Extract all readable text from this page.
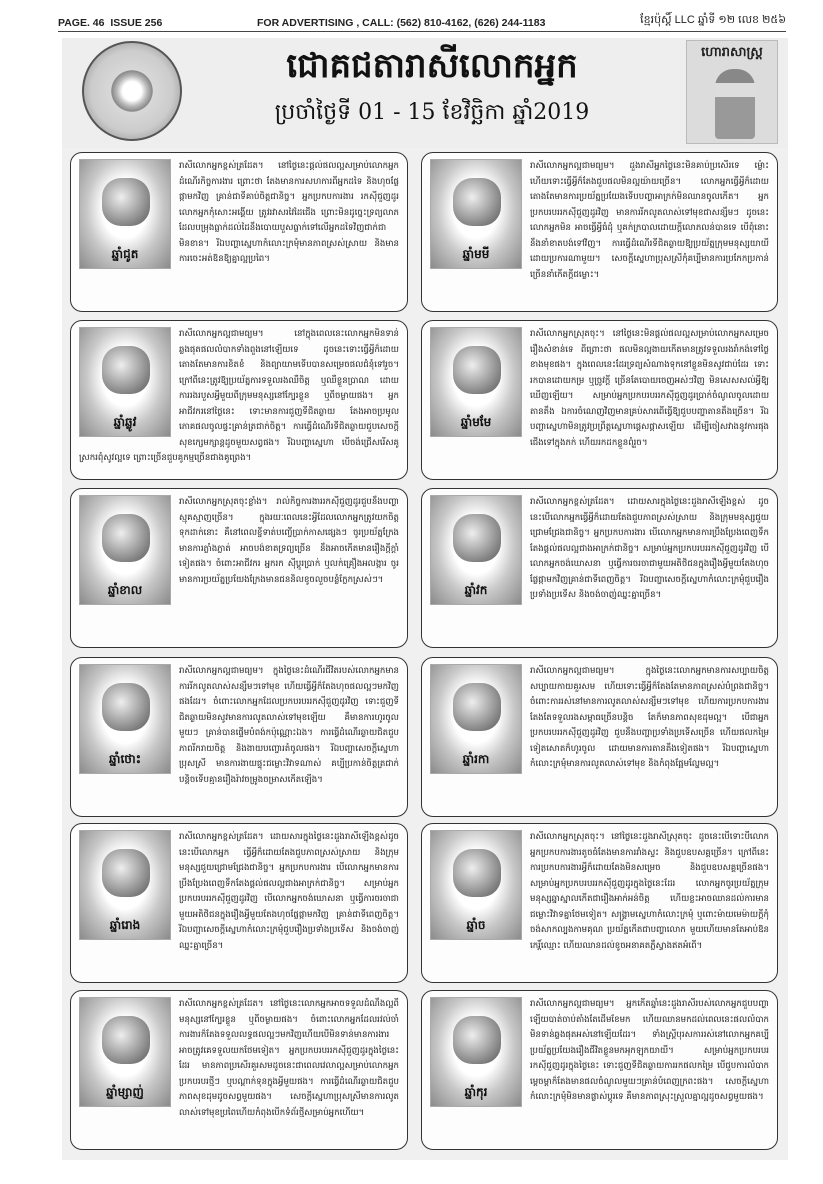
PAGE. 46 ISSUE 256	FOR ADVERTISING , CALL: (562) 810-4162, (626) 244-1183	ខ្មែរប៉ុស្តិ៍ LLC ឆ្នាំទី ១២ លេខ ២៥៦
ជោគជតារាសីលោកអ្នក
ប្រចាំថ្ងៃទី 01 - 15 ខែវិច្ឆិកា ឆ្នាំ2019
ហោរាសាស្ត្រ
ឆ្នាំជូត
រាសីលោកអ្នកខ្ពស់ត្រដែត។ នៅថ្ងៃនេះផ្ដល់ផលល្អសម្រាប់លោកអ្នកដំណើរកិច្ចការងារ ព្រោះថា តែងមានការសហការពីអ្នកដទៃ និងហុចផ្លែផ្កាមកវិញ គ្រាន់ជាទីគាប់ចិត្តជានិច្ច។ អ្នកប្រកបការងារ រកស៊ីជួញដូរ លោកអ្នកកុំសោះអង្គើយ ត្រូវរវាសរវៃដៃជើង ព្រោះមិនដូច្នេះទ្រព្យលាភដែលបម្រុងធ្លាក់ដល់ដៃនឹងបោយបួសធ្លាក់ទៅលើអ្នកដទៃវិញជាក់ជាមិនខាន។ រីឯបញ្ហាស្នេហាកំលោះក្រមុំមានភាពស្រស់ស្រាយ និងមានការចេះអត់ឱនឱ្យគ្នាល្អប្រពៃ។	ឆ្នាំមមី
រាសីលោកអ្នកល្អជាមធ្យម។ ដួងរាសីអ្នកថ្ងៃនេះមិនគាប់ប្រសើរទេ ម៉្លោះហើយទោះធ្វើអ្វីក៏តែងជួបផលមិនល្អយ៉ាយច្រើន។ លោកអ្នកធ្វើអ្វីក៏ដោយតោងតែមានការប្រយ័ត្នប្រយែងទើបបញ្ហាអាក្រក់មិនឈានចូលកើត។ អ្នកប្រកបរបររកស៊ីជួញដូរវិញ មានការរីកលូតលាស់ទៅមុខជាសន្សឹមៗ ដូចនេះលោកអ្នកមិន អាចធ្វើអ្វីធំដុំ ឬគក់ក្របាលដោយក្ដីលោភលន់បានទេ បើពុំនោះនឹងនាំខាតបង់ទៅវិញ។ ការធ្វើដំណើរទីជិតឆ្ងាយឱ្យប្រយ័ត្នក្រុមមនុស្សយាយីដោយប្រការណាមួយ។ សេចក្ដីស្នេហាប្រុសស្រីកុំគប្បីមានការប្រកែកប្រកាន់ច្រើននាំកើតក្ដីជម្លោះ។
ឆ្នាំឆ្លូវ
រាសីលោកអ្នកល្អជាមធ្យម។ នៅក្នុងពេលនេះលោកអ្នកមិនទាន់ឆ្លងផុតផលលំបាកទាំងពួងនៅឡើយទេ ដូចនេះទោះធ្វើអ្វីក៏ដោយ តោងតែមានការខិតខំ និងព្យាយាមទើបបានសម្រេចផលជំនុំទៅរួច។ ក្រៅពីនេះត្រូវឱ្យប្រយ័ត្នការទទួលរងឈឺចិត្ត ឬឈឺខ្លួនប្រាណ ដោយការរងរបួសអ្វីមួយពីក្រុមមនុស្សនៅក្បែរខ្លួន ឬពីចម្ងាយផង។ អ្នកអាជីវករនៅថ្ងៃនេះ ទោះមានការជួញទីជិតឆ្ងាយ តែងអាចប្រមូលភោគផលចូលផ្ទះគ្រាន់ត្រជាក់ចិត្ត។ ការធ្វើដំណើរទីជិតឆ្ងាយជួបសេចក្ដីសុខក្សេមក្សាន្តដូចមួយសព្វផង។ រីឯបញ្ហាស្នេហា បើចង់ជ្រើសរើសគូស្រករពុំសូវល្អទេ ព្រោះច្រើនជួបគូកម្មច្រើនជាងគូព្រេង។
ឆ្នាំមមែ
រាសីលោកអ្នកស្រុតចុះ។ នៅថ្ងៃនេះមិនផ្ដល់ផលល្អសម្រាប់លោកអ្នកសម្រេចរឿងសំខាន់ទេ ពីព្រោះថា ផលមិនល្អងាយកើតមានត្រូវទទួលរងរាំកង់ទៅថ្ងៃខាងមុខផង។ ក្នុងពេលនេះដែរទ្រព្យសំណាងទុកនៅខ្លួនមិនសូវជាប់ដែរ ទោះរកបានដោយកម្រ ឬច្រូវក្ដី ច្រើនតែបោយចេញអស់ៗវិញ មិនសេសសល់អ្វីឱ្យឃើញឡើយ។ សម្រាប់អ្នកប្រកបរបររកស៊ីជួញដូរប្រាក់ចំណូលចូលដោយតានតឹង ឯការចំណេញវិញមានគ្រប់សារពើធ្វើឱ្យជួបបញ្ហាតានតឹងច្រើន។ រីឯបញ្ហាស្នេហាមិនត្រូវប្រព្រឹត្តស្នេហាផ្ដេសផ្ដាសឡើយ ដើម្បីចៀសវាងនូវការផុងជើងទៅក្នុងភក់ ហើយរកដកខ្លួនពុំរួច។
ឆ្នាំខាល
រាសីលោកអ្នកស្រុតចុះខ្លាំង។ រាល់កិច្ចការងាររកស៊ីជួញដូរជួបនឹងបញ្ហាស្មុគស្មាញច្រើន។ ក្នុងរយៈពេលនេះអ្វីដែលលោកអ្នកត្រូវយកចិត្តទុកដាក់នោះ គឺនៅពេលខ្ចីទាត់បញ្ចើប្រាក់កាសផ្សេងៗ ចូរប្រយ័ត្នក្រែងមានការភ្លាំងភ្លាត់ អាចបង់ខាតទ្រព្យច្រើន នឹងអាចកើតមានរឿងក្ដីក្ដាំទៀតផង។ ចំពោះអាជីវករ អ្នករក ស៊ីប្ដូរប្រាក់ ឬលក់គ្រឿងអលង្ការ ចូរមានការប្រយ័ត្នប្រយែងក្រែងមានជននិលខូចលួចបន្លំក្លែកស្រស់ៗ។
ឆ្នាំវក
រាសីលោកអ្នកខ្ពស់ត្រដែត។ ដោយសារក្នុងថ្ងៃនេះដួងរាសីឡើងខ្ពស់ ដូចនេះបើលោកអ្នកធ្វើអ្វីក៏ដោយតែងជួបភាពស្រស់ស្រាយ និងក្រុមមនុស្សជួយជ្រោមជ្រែងជានិច្ច។ អ្នកប្រកបការងារ បើលោកអ្នកមានការប្រឹងប្រែងពេញទឹកតែងផ្ដល់ផលល្អជាងអាក្រក់ជានិច្ច។ សម្រាប់អ្នកប្រកបរបររកស៊ីជួញដូរវិញ បើលោកអ្នកចង់ឃោសនា ឬធ្វើការចរចាជាមួយអតិថិជនក្នុងរឿងអ្វីមួយតែងហុចផ្លែផ្កាមកវិញគ្រាន់ជាទីពេញចិត្ត។ រីឯបញ្ហាសេចក្ដីស្នេហាកំលោះក្រមុំជួបរឿងប្រទាំងប្រទើស និងចង់ចាញ់ឈ្នះគ្នាច្រើន។
ឆ្នាំថោះ
រាសីលោកអ្នកល្អជាមធ្យម។ ក្នុងថ្ងៃនេះដំណើរជីវិតរបស់លោកអ្នកមានការរីកលូតលាស់សន្សឹមៗទៅមុខ ហើយធ្វើអ្វីក៏តែងហុចផលល្អៗមកវិញផងដែរ។ ចំពោះលោកអ្នកដែលប្រកបរបររកស៊ីជួញដូរវិញ ទោះជួញទីជិតឆ្ងាយមិនសូវមានការលូតលាស់ទៅមុខឡើយ គឺមានការហូរចូលមួយៗ គ្រាន់បានផ្ទើមបំពង់កប៉ុណ្ណោះឯង។ ការធ្វើដំណើរឆ្ងាយជិតជួបភាពរីករាយចិត្ត និងងាយបញ្ចោរតំចូលផង។ រីឯបញ្ហាសេចក្ដីស្នេហាប្រុសស្រី មានការងាយផ្ទុះជម្លោះវិវាទណាស់ គប្បីប្រកាន់ចិត្តត្រជាក់បន្តិចទើបគ្មានរឿងរ៉ាវចម្រូងចម្រាសកើតឡើង។
ឆ្នាំរកា
រាសីលោកអ្នកល្អជាមធ្យម។ ក្នុងថ្ងៃនេះលោកអ្នកមានការសប្បាយចិត្ត សប្បាយកាយគួរសម ហើយទោះធ្វើអ្វីក៏តែងតែមានភាពស្រស់បំព្រងជានិច្ច។ ចំពោះការរស់នៅមានការលូតលាស់សន្សឹមៗទៅមុខ ហើយការប្រកបការងារតែងតែទទួលរងសម្ពាធច្រើនបន្តិច តែក៏មានភាពសុខដុមល្អ។ បើជាអ្នកប្រកបរបររកស៊ីជួញដូរវិញ ជួបនឹងបញ្ហាប្រទាំងប្រទើសច្រើន ហើយផលកម្រៃទៀតសោតក៏ហូរចូល ដោយមានការតានតឹងទៀតផង។ រីឯបញ្ហាស្នេហាកំលោះក្រមុំមានការលូតលាស់ទៅមុខ និងកំពុងផ្អែមល្ហែមល្អ។
ឆ្នាំរោង
រាសីលោកអ្នកខ្ពស់ត្រដែត។ ដោយសារក្នុងថ្ងៃនេះដួងរាសីឡើងខ្ពស់ដូចនេះបើលោកអ្នក ធ្វើអ្វីក៏ដោយតែងជួបភាពស្រស់ស្រាយ និងក្រុមមនុស្សជួយជ្រោមជ្រែងជានិច្ច។ អ្នកប្រកបការងារ បើលោកអ្នកមានការប្រឹងប្រែងពេញទឹកតែងផ្ដល់ផលល្អជាងអាក្រក់ជានិច្ច។ សម្រាប់អ្នកប្រកបរបររកស៊ីជួញដូរវិញ បើលោកអ្នកចង់ឃោសនា ឬធ្វើការចរចាជាមួយអតិថិជនក្នុងរឿងអ្វីមួយតែងហុចផ្លែផ្កាមកវិញ គ្រាន់ជាទីពេញចិត្ត។ រីឯបញ្ហាសេចក្ដីស្នេហាកំលោះក្រមុំជួបរឿងប្រទាំងប្រទើស និងចង់ចាញ់ឈ្នះគ្នាច្រើន។
ឆ្នាំច
រាសីលោកអ្នកស្រុតចុះ។ នៅថ្ងៃនេះដួងរាសីស្រុតចុះ ដូចនេះបើទោះបីលោកអ្នកប្រកបការងារតូចធំតែងមានការរាំងស្ទះ និងជួបឧបសគ្គច្រើន។ ក្រៅពីនេះការប្រកបការងារអ្វីក៏ដោយតែងមិនសម្រេច និងជួបឧបសគ្គច្រើនផង។ សម្រាប់អ្នកប្រកបរបររកស៊ីជួញដូរក្នុងថ្ងៃនេះដែរ លោកអ្នកចូរប្រយ័ត្នក្រុមមនុស្សឆ្នាស្នាលកើតជារឿងអាក់អន់ចិត្ត ហើយខ្លះអាចឈានដល់ការមានជម្លោះវិវាទគ្នាថែមទៀត។ សង្គ្រាមស្នេហាកំលោះក្រមុំ ឬពោះម៉ាយមេម៉ាយក្ដីកុំចង់សាកល្បងកាមគុណ ប្រយ័ត្នកើតជាបញ្ហាលោក មួយហើយមានតែអាប់ឱនកេរ្តិ៍ឈ្មោះ ហើយឈានដល់ខូចអនាគតភ្លឺស្វាងឥតអំពើ។
ឆ្នាំម្សាញ់
រាសីលោកអ្នកខ្ពស់ត្រដែត។ នៅថ្ងៃនេះលោកអ្នកអាចទទួលដំណឹងល្អពីមនុស្សនៅក្បែរខ្លួន ឬពីចម្ងាយផង។ ចំពោះលោកអ្នកដែលរវល់ចាំការងារក៏តែងទទួលលទ្ធផលល្អៗមកវិញហើយបើមិនទាន់មានការងារអាចត្រូវគេទទួលយកថែមទៀត។ អ្នកប្រកបរបររកស៊ីជួញដូរក្នុងថ្ងៃនេះដែរ មានភាពប្រសើរគួរសមដូចនេះជាពេលវេលាល្អសម្រាប់លោកអ្នកប្រកបរបរថ្មីៗ ឬបណ្ដាក់ទុនក្នុងអ្វីមួយផង។ ការធ្វើដំណើរឆ្ងាយជិតជួបភាពសុខដុមដូចសព្វមួយផង។ សេចក្ដីស្នេហាប្រុសស្រីមានការលូតលាស់ទៅមុខប្រពៃហើយកំពុងបើកទំព័រថ្មីសម្រាប់អ្នកហើយ។
ឆ្នាំកុរ
រាសីលោកអ្នកល្អជាមធ្យម។ អ្នកកើតឆ្នាំនេះដួងរាសីរបស់លោកអ្នកជួបបញ្ហាឡើយបាត់ចាប់តាំងតែដើមខែមក ហើយឈានមកដល់ពេលនេះផលលំបាកមិនទាន់ឆ្លងផុតអស់នៅឡើយដែរ។ ទាំងស្ត្រីបុរសការរស់នៅលោកអ្នកគប្បីប្រយ័ត្នប្រយែងរឿងជីវិតខ្លួនមកអុកឡុកយាយី។ សម្រាប់អ្នកប្រកបរបររកស៊ីជួញដូរក្នុងថ្ងៃនេះ ទោះជួញទីជិតឆ្ងាយការរកផលកម្រៃ បើជួបការលំបាកម្ដេចម្ដាក៏តែងមានផលចំណូលមួយៗគ្រាន់បំពេញក្រពះផង។ សេចក្ដីស្នេហាកំលោះក្រមុំមិនមានផ្លាស់ប្ដូរទេ គឺមានភាពស្រុះស្រួលគ្នាល្អដូចសព្វមួយផង។
